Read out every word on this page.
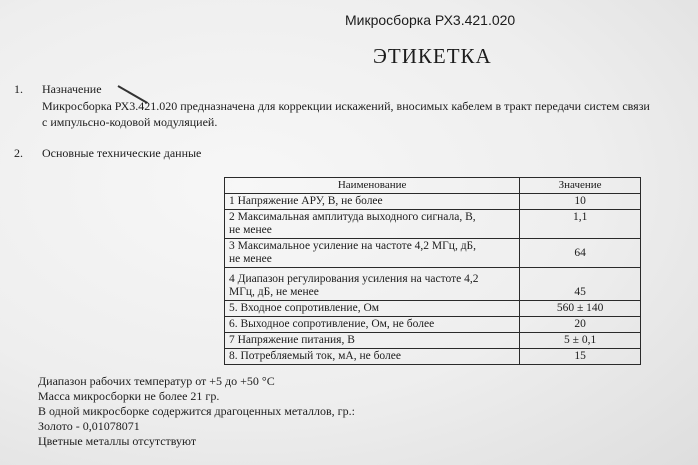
Микросборка РХ3.421.020
ЭТИКЕТКА
1. Назначение
Микросборка РХ3.421.020 предназначена для коррекции искажений, вносимых кабелем в тракт передачи систем связи
с импульсно-кодовой модуляцией.
2. Основные технические данные
Наименование	Значение
1 Напряжение АРУ, В, не более	10

2 Максимальная амплитуда выходного сигнала, В,
не менее	1,1

3 Максимальное усиление на частоте 4,2 МГц, дБ,
не менее	64

4 Диапазон регулирования усиления на частоте 4,2
МГц, дБ, не менее	45
5. Входное сопротивление, Ом	560 ± 140
6. Выходное сопротивление, Ом, не более	20
7 Напряжение питания, В	5 ± 0,1
8. Потребляемый ток, мА, не более	15
Диапазон рабочих температур от +5 до +50 °С
Масса микросборки не более 21 гр.
В одной микросборке содержится драгоценных металлов, гр.:
Золото - 0,01078071
Цветные металлы отсутствуют
